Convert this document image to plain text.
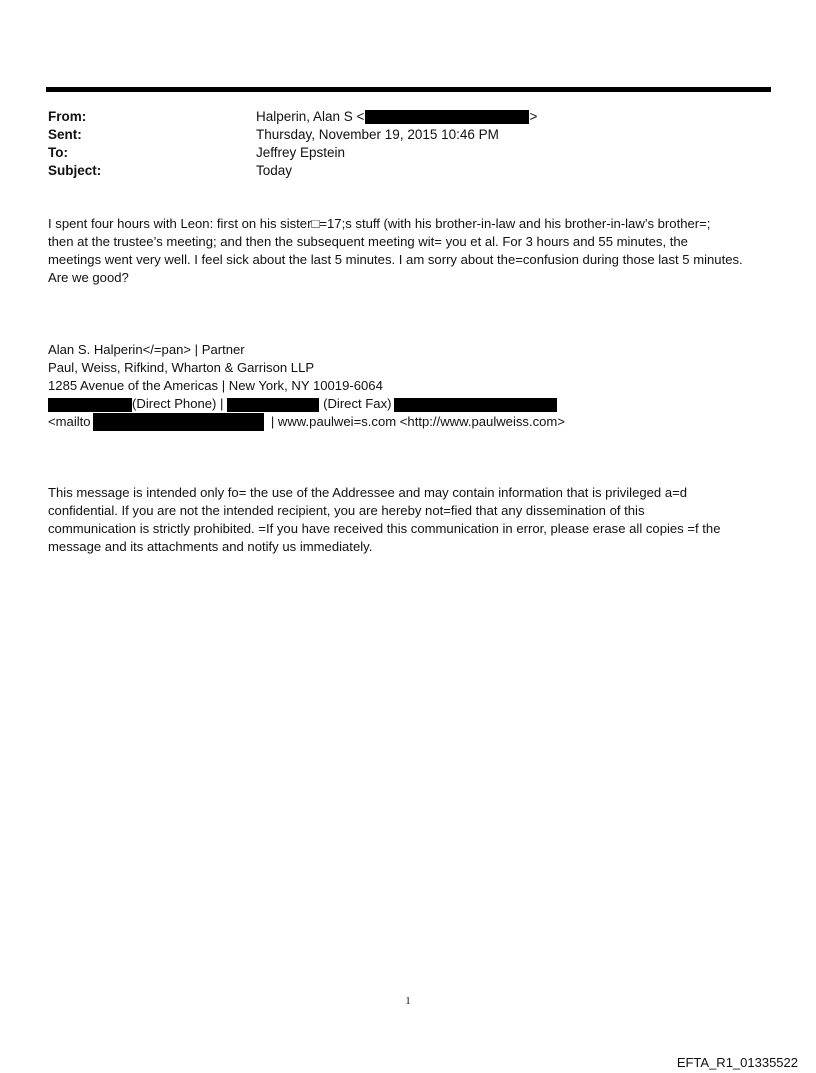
From:	Halperin, Alan S <	>
Sent:	Thursday, November 19, 2015 10:46 PM
To:	Jeffrey Epstein
Subject:	Today
I spent four hours with Leon: first on his sister□=17;s stuff (with his brother-in-law and his brother-in-law’s brother=;
then at the trustee’s meeting; and then the subsequent meeting wit= you et al. For 3 hours and 55 minutes, the
meetings went very well. I feel sick about the last 5 minutes. I am sorry about the=confusion during those last 5 minutes.
Are we good?
Alan S. Halperin</=pan> | Partner
Paul, Weiss, Rifkind, Wharton & Garrison LLP
1285 Avenue of the Americas | New York, NY 10019-6064
(Direct Phone) |	(Direct Fax)
<mailto	| www.paulwei=s.com <http://www.paulweiss.com>
This message is intended only fo= the use of the Addressee and may contain information that is privileged a=d
confidential. If you are not the intended recipient, you are hereby not=fied that any dissemination of this
communication is strictly prohibited. =If you have received this communication in error, please erase all copies =f the
message and its attachments and notify us immediately.
1
EFTA_R1_01335522
